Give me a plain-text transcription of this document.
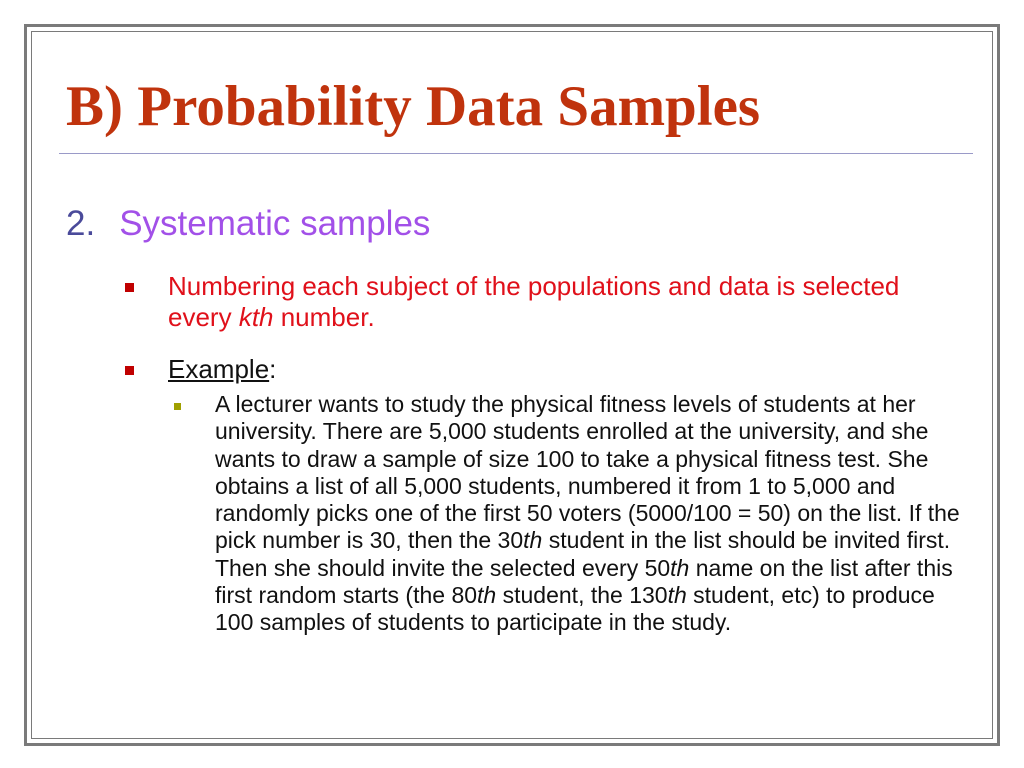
B) Probability Data Samples
2. Systematic samples
Numbering each subject of the populations and data is selected every kth number.
Example:
A lecturer wants to study the physical fitness levels of students at her university. There are 5,000 students enrolled at the university, and she wants to draw a sample of size 100 to take a physical fitness test. She obtains a list of all 5,000 students, numbered it from 1 to 5,000 and randomly picks one of the first 50 voters (5000/100 = 50) on the list. If the pick number is 30, then the 30th student in the list should be invited first. Then she should invite the selected every 50th name on the list after this first random starts (the 80th student, the 130th student, etc) to produce 100 samples of students to participate in the study.
